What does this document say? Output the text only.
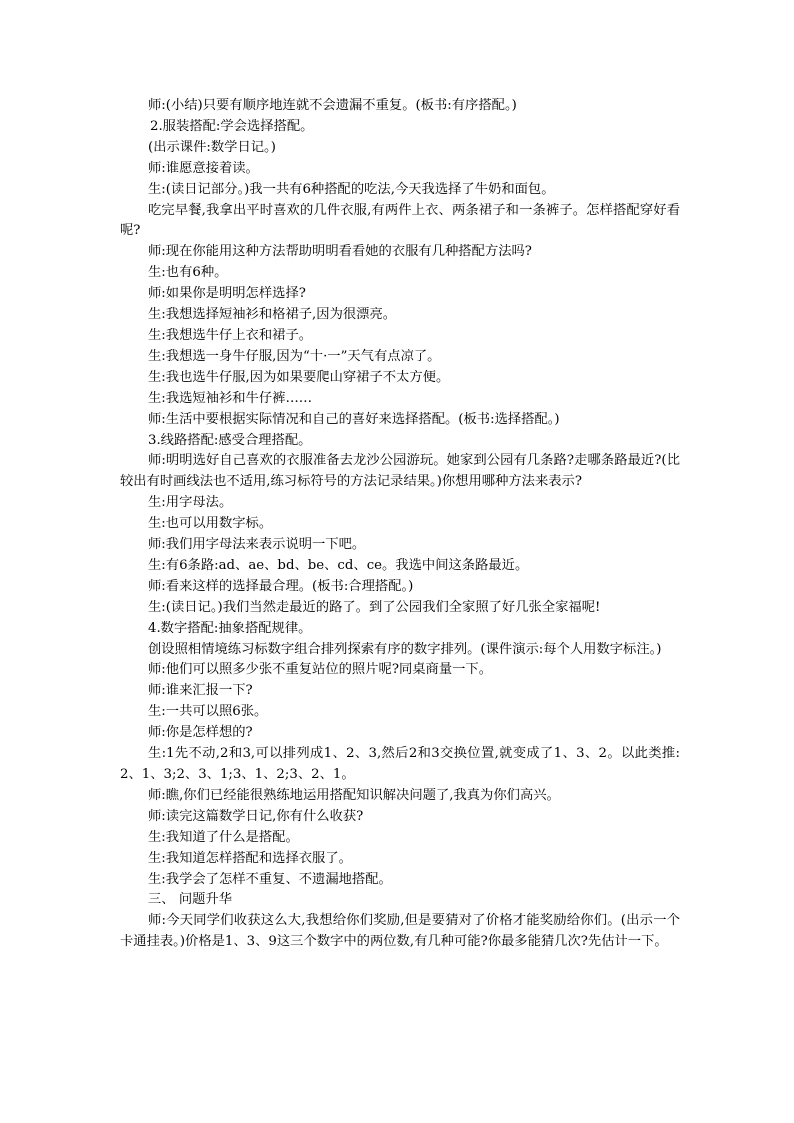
师:(小结)只要有顺序地连就不会遗漏不重复。(板书:有序搭配。)

2.服装搭配:学会选择搭配。

(出示课件:数学日记。)

师:谁愿意接着读。

生:(读日记部分。)我一共有6种搭配的吃法,今天我选择了牛奶和面包。

吃完早餐,我拿出平时喜欢的几件衣服,有两件上衣、两条裙子和一条裤子。怎样搭配穿好看呢?

师:现在你能用这种方法帮助明明看看她的衣服有几种搭配方法吗?

生:也有6种。

师:如果你是明明怎样选择?

生:我想选择短袖衫和格裙子,因为很漂亮。

生:我想选牛仔上衣和裙子。

生:我想选一身牛仔服,因为“十·一”天气有点凉了。

生:我也选牛仔服,因为如果要爬山穿裙子不太方便。

生:我选短袖衫和牛仔裤……

师:生活中要根据实际情况和自己的喜好来选择搭配。(板书:选择搭配。)

3.线路搭配:感受合理搭配。

师:明明选好自己喜欢的衣服准备去龙沙公园游玩。她家到公园有几条路?走哪条路最近?(比较出有时画线法也不适用,练习标符号的方法记录结果。)你想用哪种方法来表示?

生:用字母法。

生:也可以用数字标。

师:我们用字母法来表示说明一下吧。

生:有6条路:ad、ae、bd、be、cd、ce。我选中间这条路最近。

师:看来这样的选择最合理。(板书:合理搭配。)

生:(读日记。)我们当然走最近的路了。到了公园我们全家照了好几张全家福呢!

4.数字搭配:抽象搭配规律。

创设照相情境练习标数字组合排列探索有序的数字排列。(课件演示:每个人用数字标注。)

师:他们可以照多少张不重复站位的照片呢?同桌商量一下。

师:谁来汇报一下?

生:一共可以照6张。

师:你是怎样想的?

生:1先不动,2和3,可以排列成1、2、3,然后2和3交换位置,就变成了1、3、2。以此类推:2、1、3;2、3、1;3、1、2;3、2、1。

师:瞧,你们已经能很熟练地运用搭配知识解决问题了,我真为你们高兴。

师:读完这篇数学日记,你有什么收获?

生:我知道了什么是搭配。

生:我知道怎样搭配和选择衣服了。

生:我学会了怎样不重复、不遗漏地搭配。

三、 问题升华

师:今天同学们收获这么大,我想给你们奖励,但是要猜对了价格才能奖励给你们。(出示一个卡通挂表。)价格是1、3、9这三个数字中的两位数,有几种可能?你最多能猜几次?先估计一下。
